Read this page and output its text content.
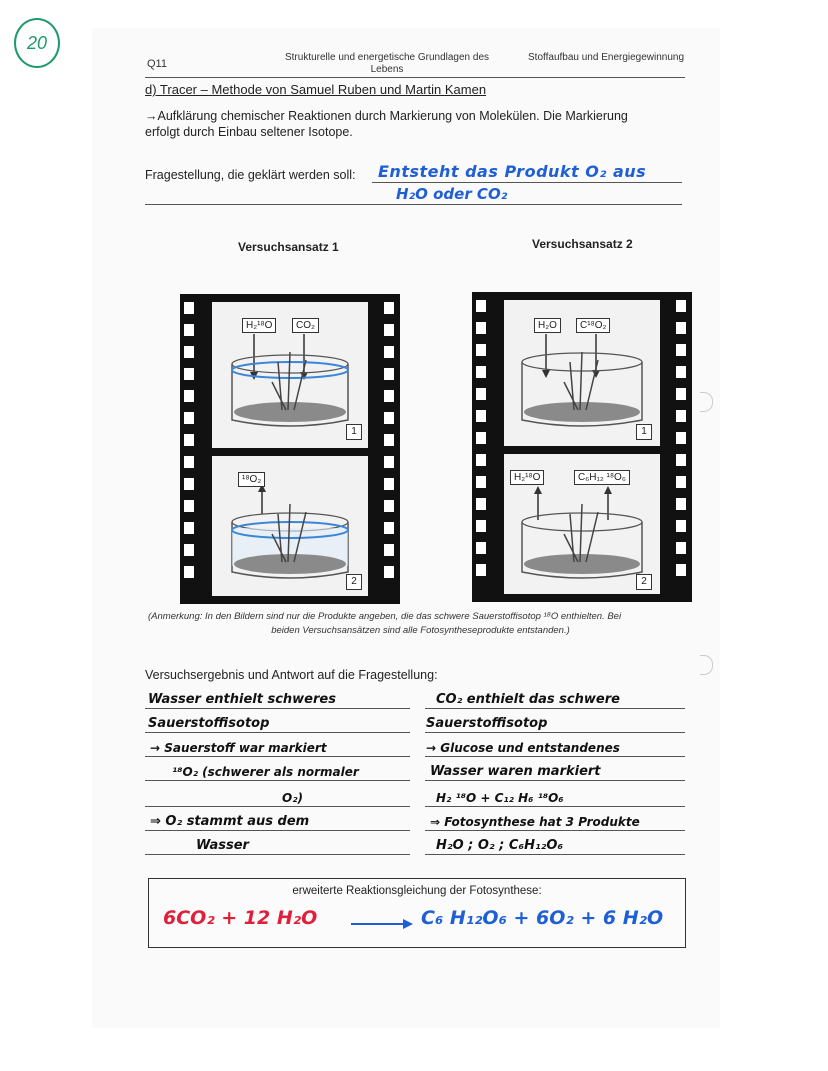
20
Q11
Strukturelle und energetische Grundlagen des
Lebens
Stoffaufbau und Energiegewinnung
d) Tracer – Methode von Samuel Ruben und Martin Kamen
→Aufklärung chemischer Reaktionen durch Markierung von Molekülen. Die Markierung
erfolgt durch Einbau seltener Isotope.
Fragestellung, die geklärt werden soll: Entsteht das Produkt O₂ aus
H₂O oder CO₂
Versuchsansatz 1	Versuchsansatz 2
H₂¹⁸O	CO₂
1
¹⁸O₂
2
H₂O	C¹⁸O₂
1
H₂¹⁸O	C₆H₁₂ ¹⁸O₆
2
(Anmerkung: In den Bildern sind nur die Produkte angeben, die das schwere Sauerstoffisotop ¹⁸O enthielten. Bei
beiden Versuchsansätzen sind alle Fotosyntheseprodukte entstanden.)
Versuchsergebnis und Antwort auf die Fragestellung:
Wasser enthielt schweres
Sauerstoffisotop
→ Sauerstoff war markiert
¹⁸O₂ (schwerer als normaler
O₂)
⇒ O₂ stammt aus dem
Wasser
CO₂ enthielt das schwere
Sauerstoffisotop
→ Glucose und entstandenes
Wasser waren markiert
H₂ ¹⁸O + C₁₂ H₆ ¹⁸O₆
⇒ Fotosynthese hat 3 Produkte
H₂O ; O₂ ; C₆H₁₂O₆
erweiterte Reaktionsgleichung der Fotosynthese:
6CO₂ + 12 H₂O	C₆ H₁₂O₆ + 6O₂ + 6 H₂O
